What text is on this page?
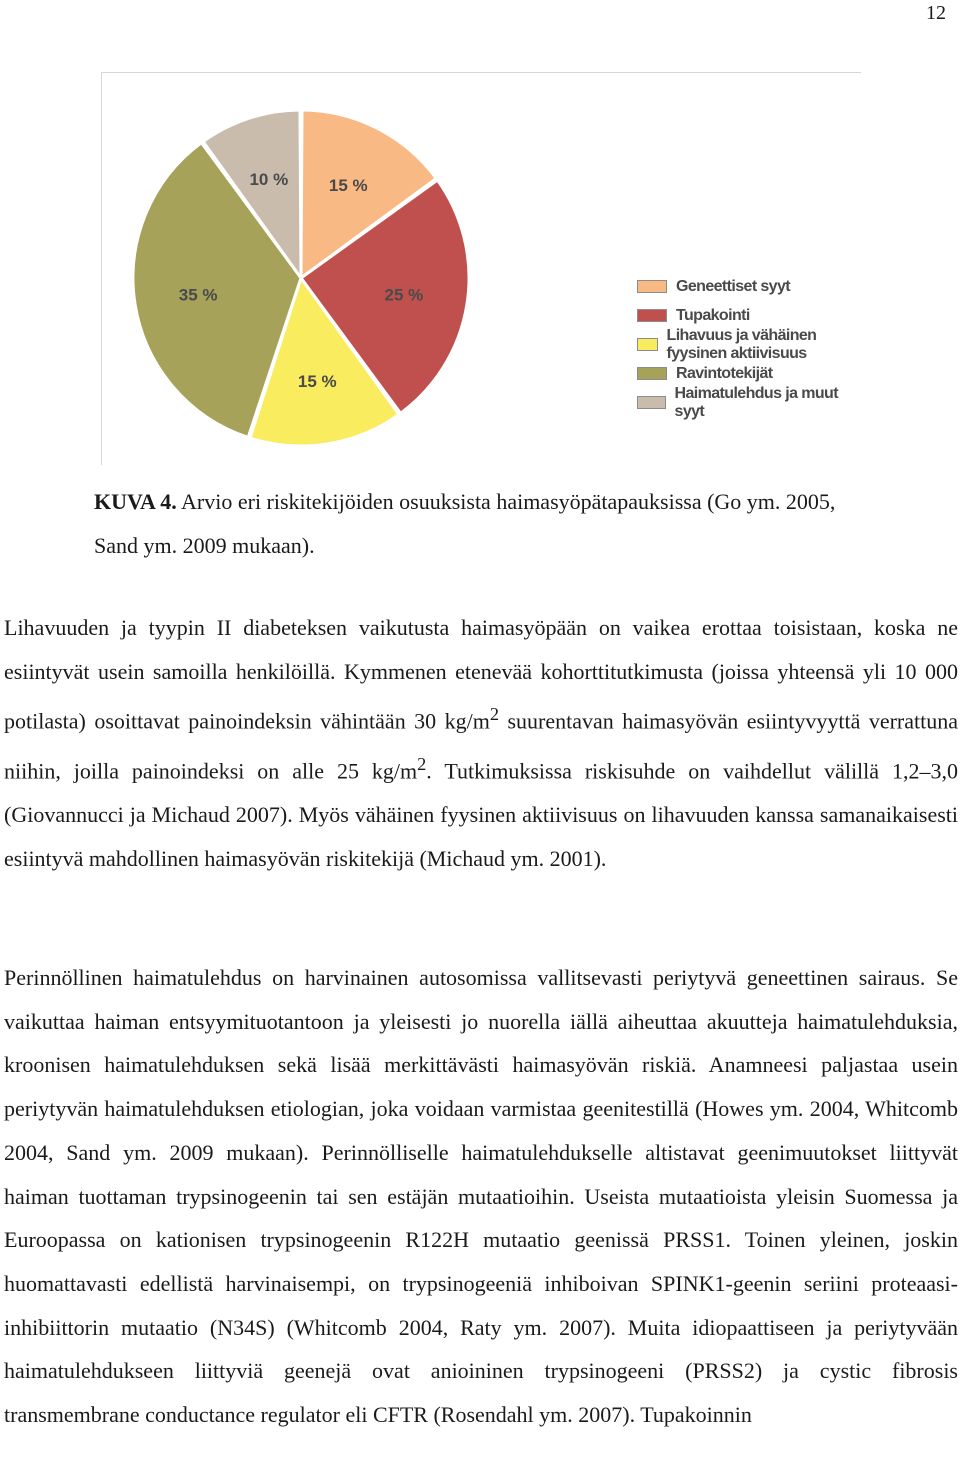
12
15 %
25 %
15 %
35 %
10 %
Geneettiset syyt
Tupakointi
Lihavuus ja vähäinen fyysinen aktiivisuus
Ravintotekijät
Haimatulehdus ja muut syyt
KUVA 4. Arvio eri riskitekijöiden osuuksista haimasyöpätapauksissa (Go ym. 2005, Sand ym. 2009 mukaan).

Lihavuuden ja tyypin II diabeteksen vaikutusta haimasyöpään on vaikea erottaa toisistaan, koska ne esiintyvät usein samoilla henkilöillä. Kymmenen etenevää kohorttitutkimusta (joissa yhteensä yli 10 000 potilasta) osoittavat painoindeksin vähintään 30 $kg/m^2$ suurentavan haimasyövän esiintyvyyttä verrattuna niihin, joilla painoindeksi on alle 25 $kg/m^2$. Tutkimuksissa riskisuhde on vaihdellut välillä 1,2–3,0 (Giovannucci ja Michaud 2007). Myös vähäinen fyysinen aktiivisuus on lihavuuden kanssa samanaikaisesti esiintyvä mahdollinen haimasyövän riskitekijä (Michaud ym. 2001).

Perinnöllinen haimatulehdus on harvinainen autosomissa vallitsevasti periytyvä geneettinen sairaus. Se vaikuttaa haiman entsyymituotantoon ja yleisesti jo nuorella iällä aiheuttaa akuutteja haimatulehduksia, kroonisen haimatulehduksen sekä lisää merkittävästi haimasyövän riskiä. Anamneesi paljastaa usein periytyvän haimatulehduksen etiologian, joka voidaan varmistaa geenitestillä (Howes ym. 2004, Whitcomb 2004, Sand ym. 2009 mukaan). Perinnölliselle haimatulehdukselle altistavat geenimuutokset liittyvät haiman tuottaman trypsinogeenin tai sen estäjän mutaatioihin. Useista mutaatioista yleisin Suomessa ja Euroopassa on kationisen trypsinogeenin R122H mutaatio geenissä PRSS1. Toinen yleinen, joskin huomattavasti edellistä harvinaisempi, on trypsinogeeniä inhiboivan SPINK1-geenin seriini proteaasi-inhibiittorin mutaatio (N34S) (Whitcomb 2004, Raty ym. 2007). Muita idiopaattiseen ja periytyvään haimatulehdukseen liittyviä geenejä ovat anioininen trypsinogeeni (PRSS2) ja cystic fibrosis transmembrane conductance regulator eli CFTR (Rosendahl ym. 2007). Tupakoinnin
